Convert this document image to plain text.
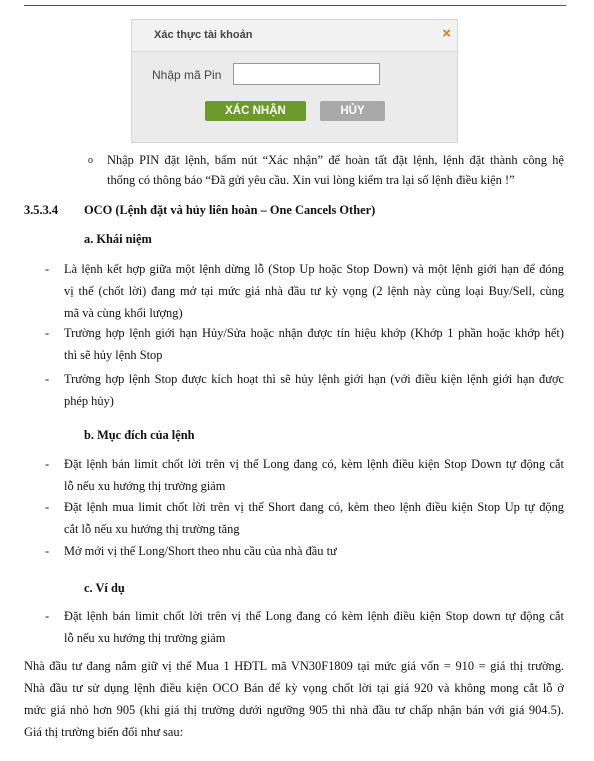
Xác thực tài khoản	×
Nhập mã Pin
XÁC NHẬN	HỦY
o Nhập PIN đặt lệnh, bấm nút “Xác nhận” để hoàn tất đặt lệnh, lệnh đặt thành công hệ
thống có thông báo “Đã gửi yêu cầu. Xin vui lòng kiểm tra lại số lệnh điều kiện !”
3.5.3.4 OCO (Lệnh đặt và hủy liên hoàn – One Cancels Other)
a. Khái niệm
- Là lệnh kết hợp giữa một lệnh dừng lỗ (Stop Up hoặc Stop Down) và một lệnh giới hạn để đóng
vị thế (chốt lời) đang mở tại mức giá nhà đầu tư kỳ vọng (2 lệnh này cùng loại Buy/Sell, cùng
mã và cùng khối lượng)
- Trường hợp lệnh giới hạn Hủy/Sửa hoặc nhận được tín hiệu khớp (Khớp 1 phần hoặc khớp hết)
thì sẽ hủy lệnh Stop
- Trường hợp lệnh Stop được kích hoạt thì sẽ hủy lệnh giới hạn (với điều kiện lệnh giới hạn được
phép hủy)
b. Mục đích của lệnh
- Đặt lệnh bán limit chốt lời trên vị thế Long đang có, kèm lệnh điều kiện Stop Down tự động cắt
lỗ nếu xu hướng thị trường giảm
- Đặt lệnh mua limit chốt lời trên vị thế Short đang có, kèm theo lệnh điều kiện Stop Up tự động
cắt lỗ nếu xu hướng thị trường tăng
- Mở mới vị thế Long/Short theo nhu cầu của nhà đầu tư
c. Ví dụ
- Đặt lệnh bán limit chốt lời trên vị thế Long đang có kèm lệnh điều kiện Stop down tự động cắt
lỗ nếu xu hướng thị trường giảm
Nhà đầu tư đang nắm giữ vị thế Mua 1 HĐTL mã VN30F1809 tại mức giá vốn = 910 = giá thị trường.
Nhà đầu tư sử dụng lệnh điều kiện OCO Bán để kỳ vọng chốt lời tại giá 920 và không mong cắt lỗ ở
mức giá nhỏ hơn 905 (khi giá thị trường dưới ngưỡng 905 thì nhà đầu tư chấp nhận bán với giá 904.5).
Giá thị trường biến đổi như sau:
